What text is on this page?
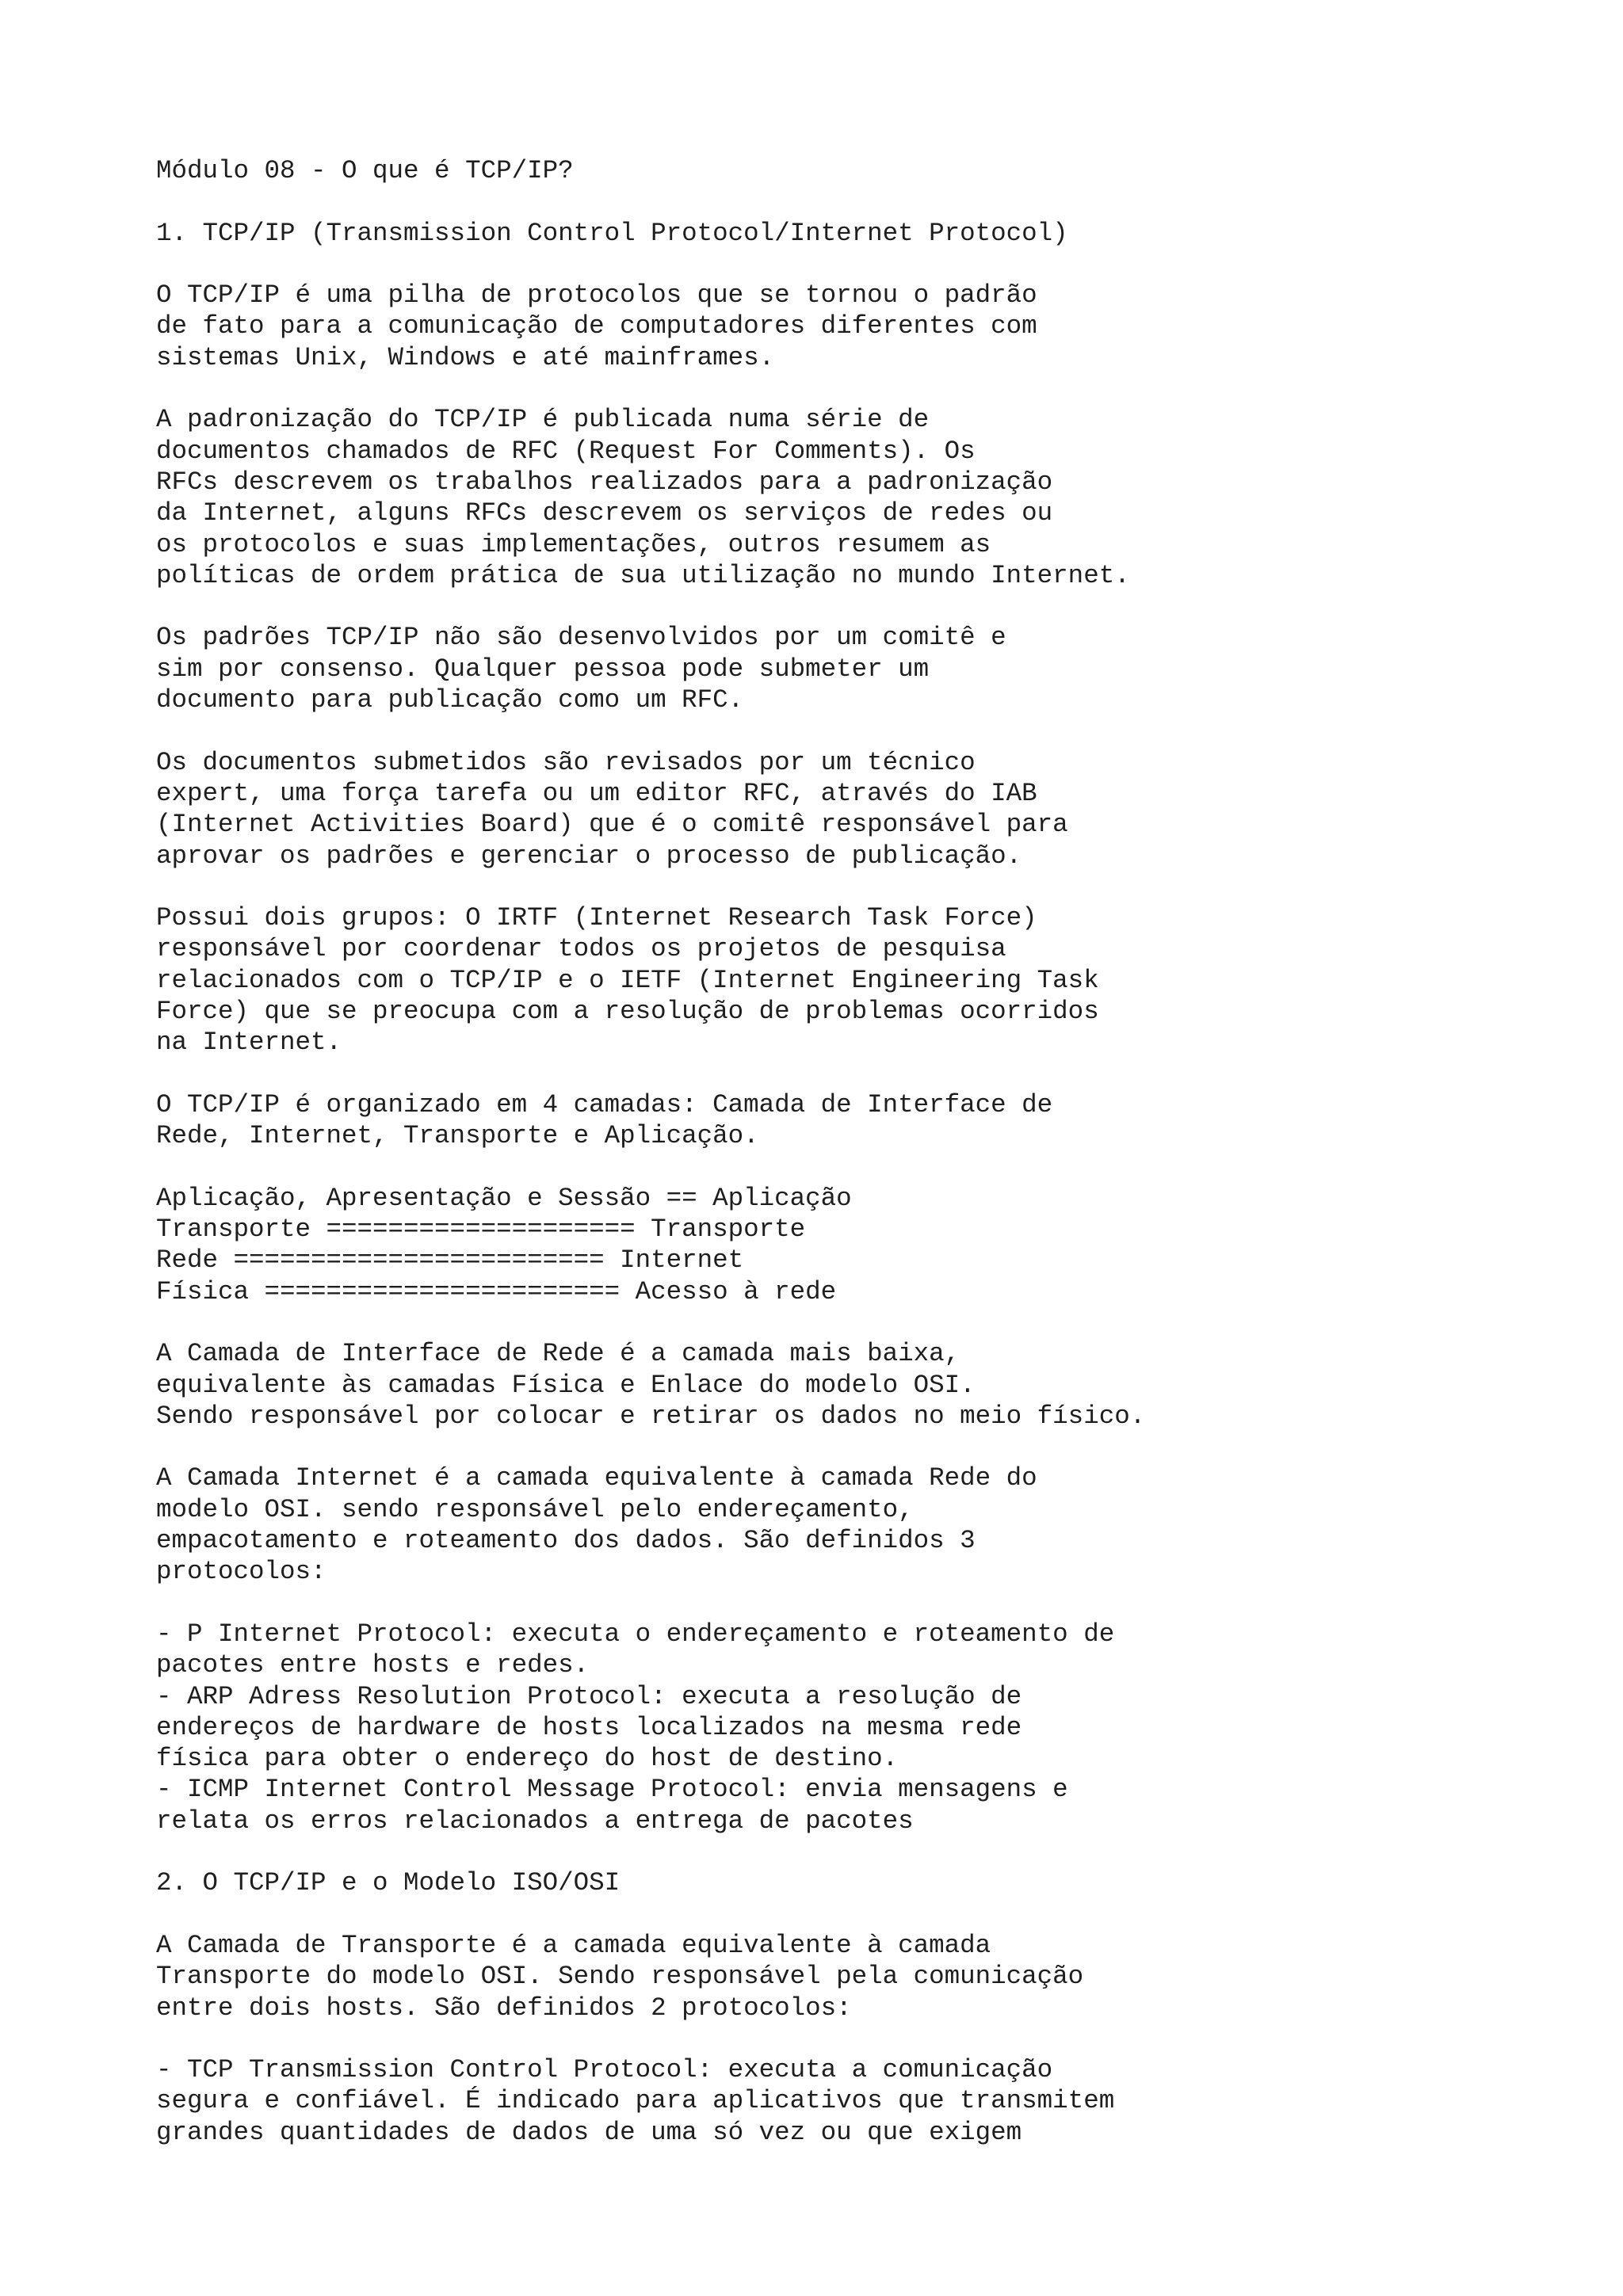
Módulo 08 - O que é TCP/IP?
1. TCP/IP (Transmission Control Protocol/Internet Protocol)
O TCP/IP é uma pilha de protocolos que se tornou o padrão
de fato para a comunicação de computadores diferentes com
sistemas Unix, Windows e até mainframes.
A padronização do TCP/IP é publicada numa série de
documentos chamados de RFC (Request For Comments). Os
RFCs descrevem os trabalhos realizados para a padronização
da Internet, alguns RFCs descrevem os serviços de redes ou
os protocolos e suas implementações, outros resumem as
políticas de ordem prática de sua utilização no mundo Internet.
Os padrões TCP/IP não são desenvolvidos por um comitê e
sim por consenso. Qualquer pessoa pode submeter um
documento para publicação como um RFC.
Os documentos submetidos são revisados por um técnico
expert, uma força tarefa ou um editor RFC, através do IAB
(Internet Activities Board) que é o comitê responsável para
aprovar os padrões e gerenciar o processo de publicação.
Possui dois grupos: O IRTF (Internet Research Task Force)
responsável por coordenar todos os projetos de pesquisa
relacionados com o TCP/IP e o IETF (Internet Engineering Task
Force) que se preocupa com a resolução de problemas ocorridos
na Internet.
O TCP/IP é organizado em 4 camadas: Camada de Interface de
Rede, Internet, Transporte e Aplicação.
Aplicação, Apresentação e Sessão == Aplicação
Transporte ==================== Transporte
Rede ======================== Internet
Física ======================= Acesso à rede
A Camada de Interface de Rede é a camada mais baixa,
equivalente às camadas Física e Enlace do modelo OSI.
Sendo responsável por colocar e retirar os dados no meio físico.
A Camada Internet é a camada equivalente à camada Rede do
modelo OSI. sendo responsável pelo endereçamento,
empacotamento e roteamento dos dados. São definidos 3
protocolos:
- P Internet Protocol: executa o endereçamento e roteamento de
pacotes entre hosts e redes.
- ARP Adress Resolution Protocol: executa a resolução de
endereços de hardware de hosts localizados na mesma rede
física para obter o endereço do host de destino.
- ICMP Internet Control Message Protocol: envia mensagens e
relata os erros relacionados a entrega de pacotes
2. O TCP/IP e o Modelo ISO/OSI
A Camada de Transporte é a camada equivalente à camada
Transporte do modelo OSI. Sendo responsável pela comunicação
entre dois hosts. São definidos 2 protocolos:
- TCP Transmission Control Protocol: executa a comunicação
segura e confiável. É indicado para aplicativos que transmitem
grandes quantidades de dados de uma só vez ou que exigem
